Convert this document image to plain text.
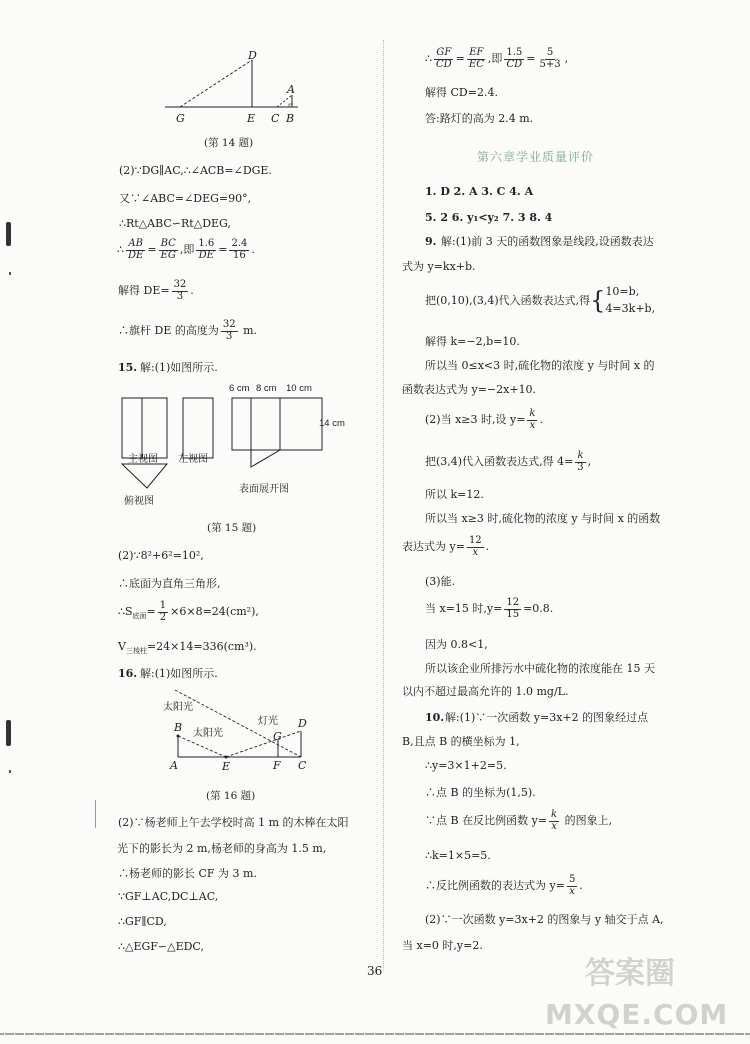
D
G	E C B
A
(第 14 题)
(2)∵DG∥AC,∴∠ACB=∠DGE.
又∵∠ABC=∠DEG=90°,
∴Rt△ABC∽Rt△DEG,
∴ $\frac{AB}{DE} = \frac{BC}{EG}$ ,即 $\frac{1.6}{DE} = \frac{2.4}{16}$ .
解得 $DE= \frac{32}{3}$ .
∴旗杆 DE 的高度为 $\frac{32}{3} m$.
15. 解:(1)如图所示.
6 cm 8 cm 10 cm
14 cm
主视图 左视图
俯视图
表面展开图
(第 15 题)
(2)∵8²+6²=10²,
∴底面为直角三角形,
$\therefore S_{底面}= \frac{1}{2} \times 6\times 8=24(cm^2)$,
$V_{三棱柱}=24\times 14=336(cm^3)$.
16. 解:(1)如图所示.
太阳光
太阳光
灯光
B
G
D
A	E	F C
(第 16 题)
(2)∵杨老师上午去学校时高 1 m 的木棒在太阳
光下的影长为 2 m,杨老师的身高为 1.5 m,
∴杨老师的影长 CF 为 3 m.
∵GF⊥AC,DC⊥AC,
∴GF∥CD,
∴△EGF∽△EDC,
∴ $\frac{GF}{CD} = \frac{EF}{EC}$ ,即 $\frac{1.5}{CD} = \frac{5}{5+3}$ ,
解得 CD=2.4.
答:路灯的高为 2.4 m.
第六章学业质量评价
1. D 2. A 3. C 4. A
5. 2 6. y₁<y₂ 7. 3 8. 4
9. 解:(1)前 3 天的函数图象是线段,设函数表达
式为 y=kx+b.
把(0,10),(3,4)代入函数表达式,得{ 10=b,
4=3k+b,
解得 k=−2,b=10.
所以当 0≤x<3 时,硫化物的浓度 y 与时间 x 的
函数表达式为 y=−2x+10.
(2)当 x≥3 时,设 $y= \frac{k}{x}$ .
把(3,4)代入函数表达式,得 $4= \frac{k}{3}$ ,
所以 k=12.
所以当 x≥3 时,硫化物的浓度 y 与时间 x 的函数
表达式为 $y= \frac{12}{x}$ .
(3)能.
当 x=15 时$,y= \frac{12}{15} =0.8$.
因为 0.8<1,
所以该企业所排污水中硫化物的浓度能在 15 天
以内不超过最高允许的 1.0 mg/L.
10. 解:(1)∵一次函数 y=3x+2 的图象经过点
B,且点 B 的横坐标为 1,
∴y=3×1+2=5.
∴点 B 的坐标为(1,5).
∵点 B 在反比例函数 $y= \frac{k}{x}$ 的图象上,
∴k=1×5=5.
∴反比例函数的表达式为 $y= \frac{5}{x}$ .
(2)∵一次函数 y=3x+2 的图象与 y 轴交于点 A,
当 x=0 时,y=2.
36	答案圈
MXQE.COM
